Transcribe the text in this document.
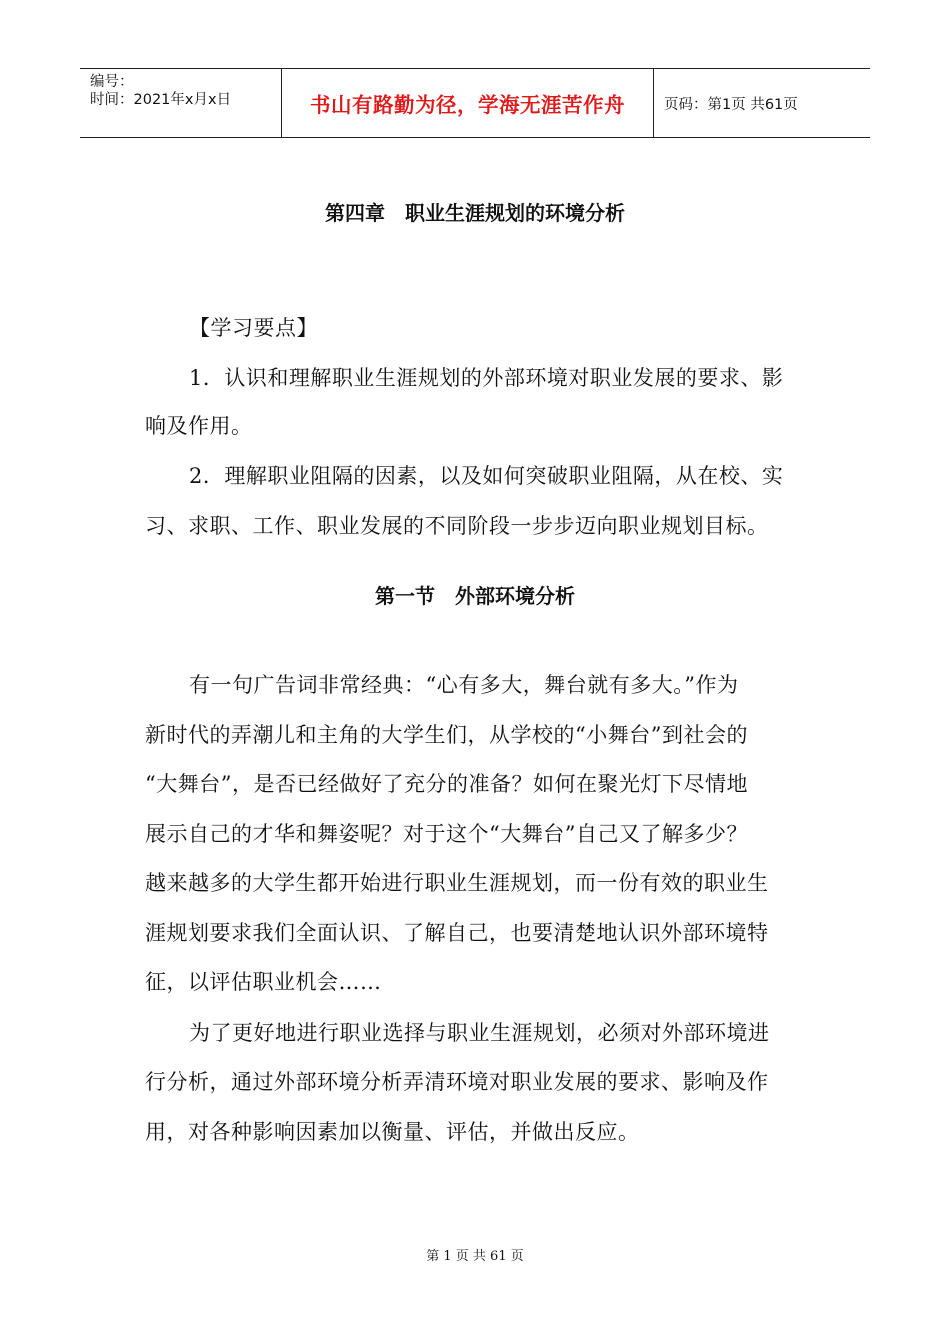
编号：
时间：2021年x月x日	书山有路勤为径，学海无涯苦作舟	页码：第1页 共61页
第四章　职业生涯规划的环境分析
【学习要点】
1．认识和理解职业生涯规划的外部环境对职业发展的要求、影
响及作用。
2．理解职业阻隔的因素，以及如何突破职业阻隔，从在校、实
习、求职、工作、职业发展的不同阶段一步步迈向职业规划目标。
第一节　外部环境分析
有一句广告词非常经典：“心有多大，舞台就有多大。”作为
新时代的弄潮儿和主角的大学生们，从学校的“小舞台”到社会的
“大舞台”，是否已经做好了充分的准备？如何在聚光灯下尽情地
展示自己的才华和舞姿呢？对于这个“大舞台”自己又了解多少？
越来越多的大学生都开始进行职业生涯规划，而一份有效的职业生
涯规划要求我们全面认识、了解自己，也要清楚地认识外部环境特
征，以评估职业机会……
为了更好地进行职业选择与职业生涯规划，必须对外部环境进
行分析，通过外部环境分析弄清环境对职业发展的要求、影响及作
用，对各种影响因素加以衡量、评估，并做出反应。
第 1 页 共 61 页
